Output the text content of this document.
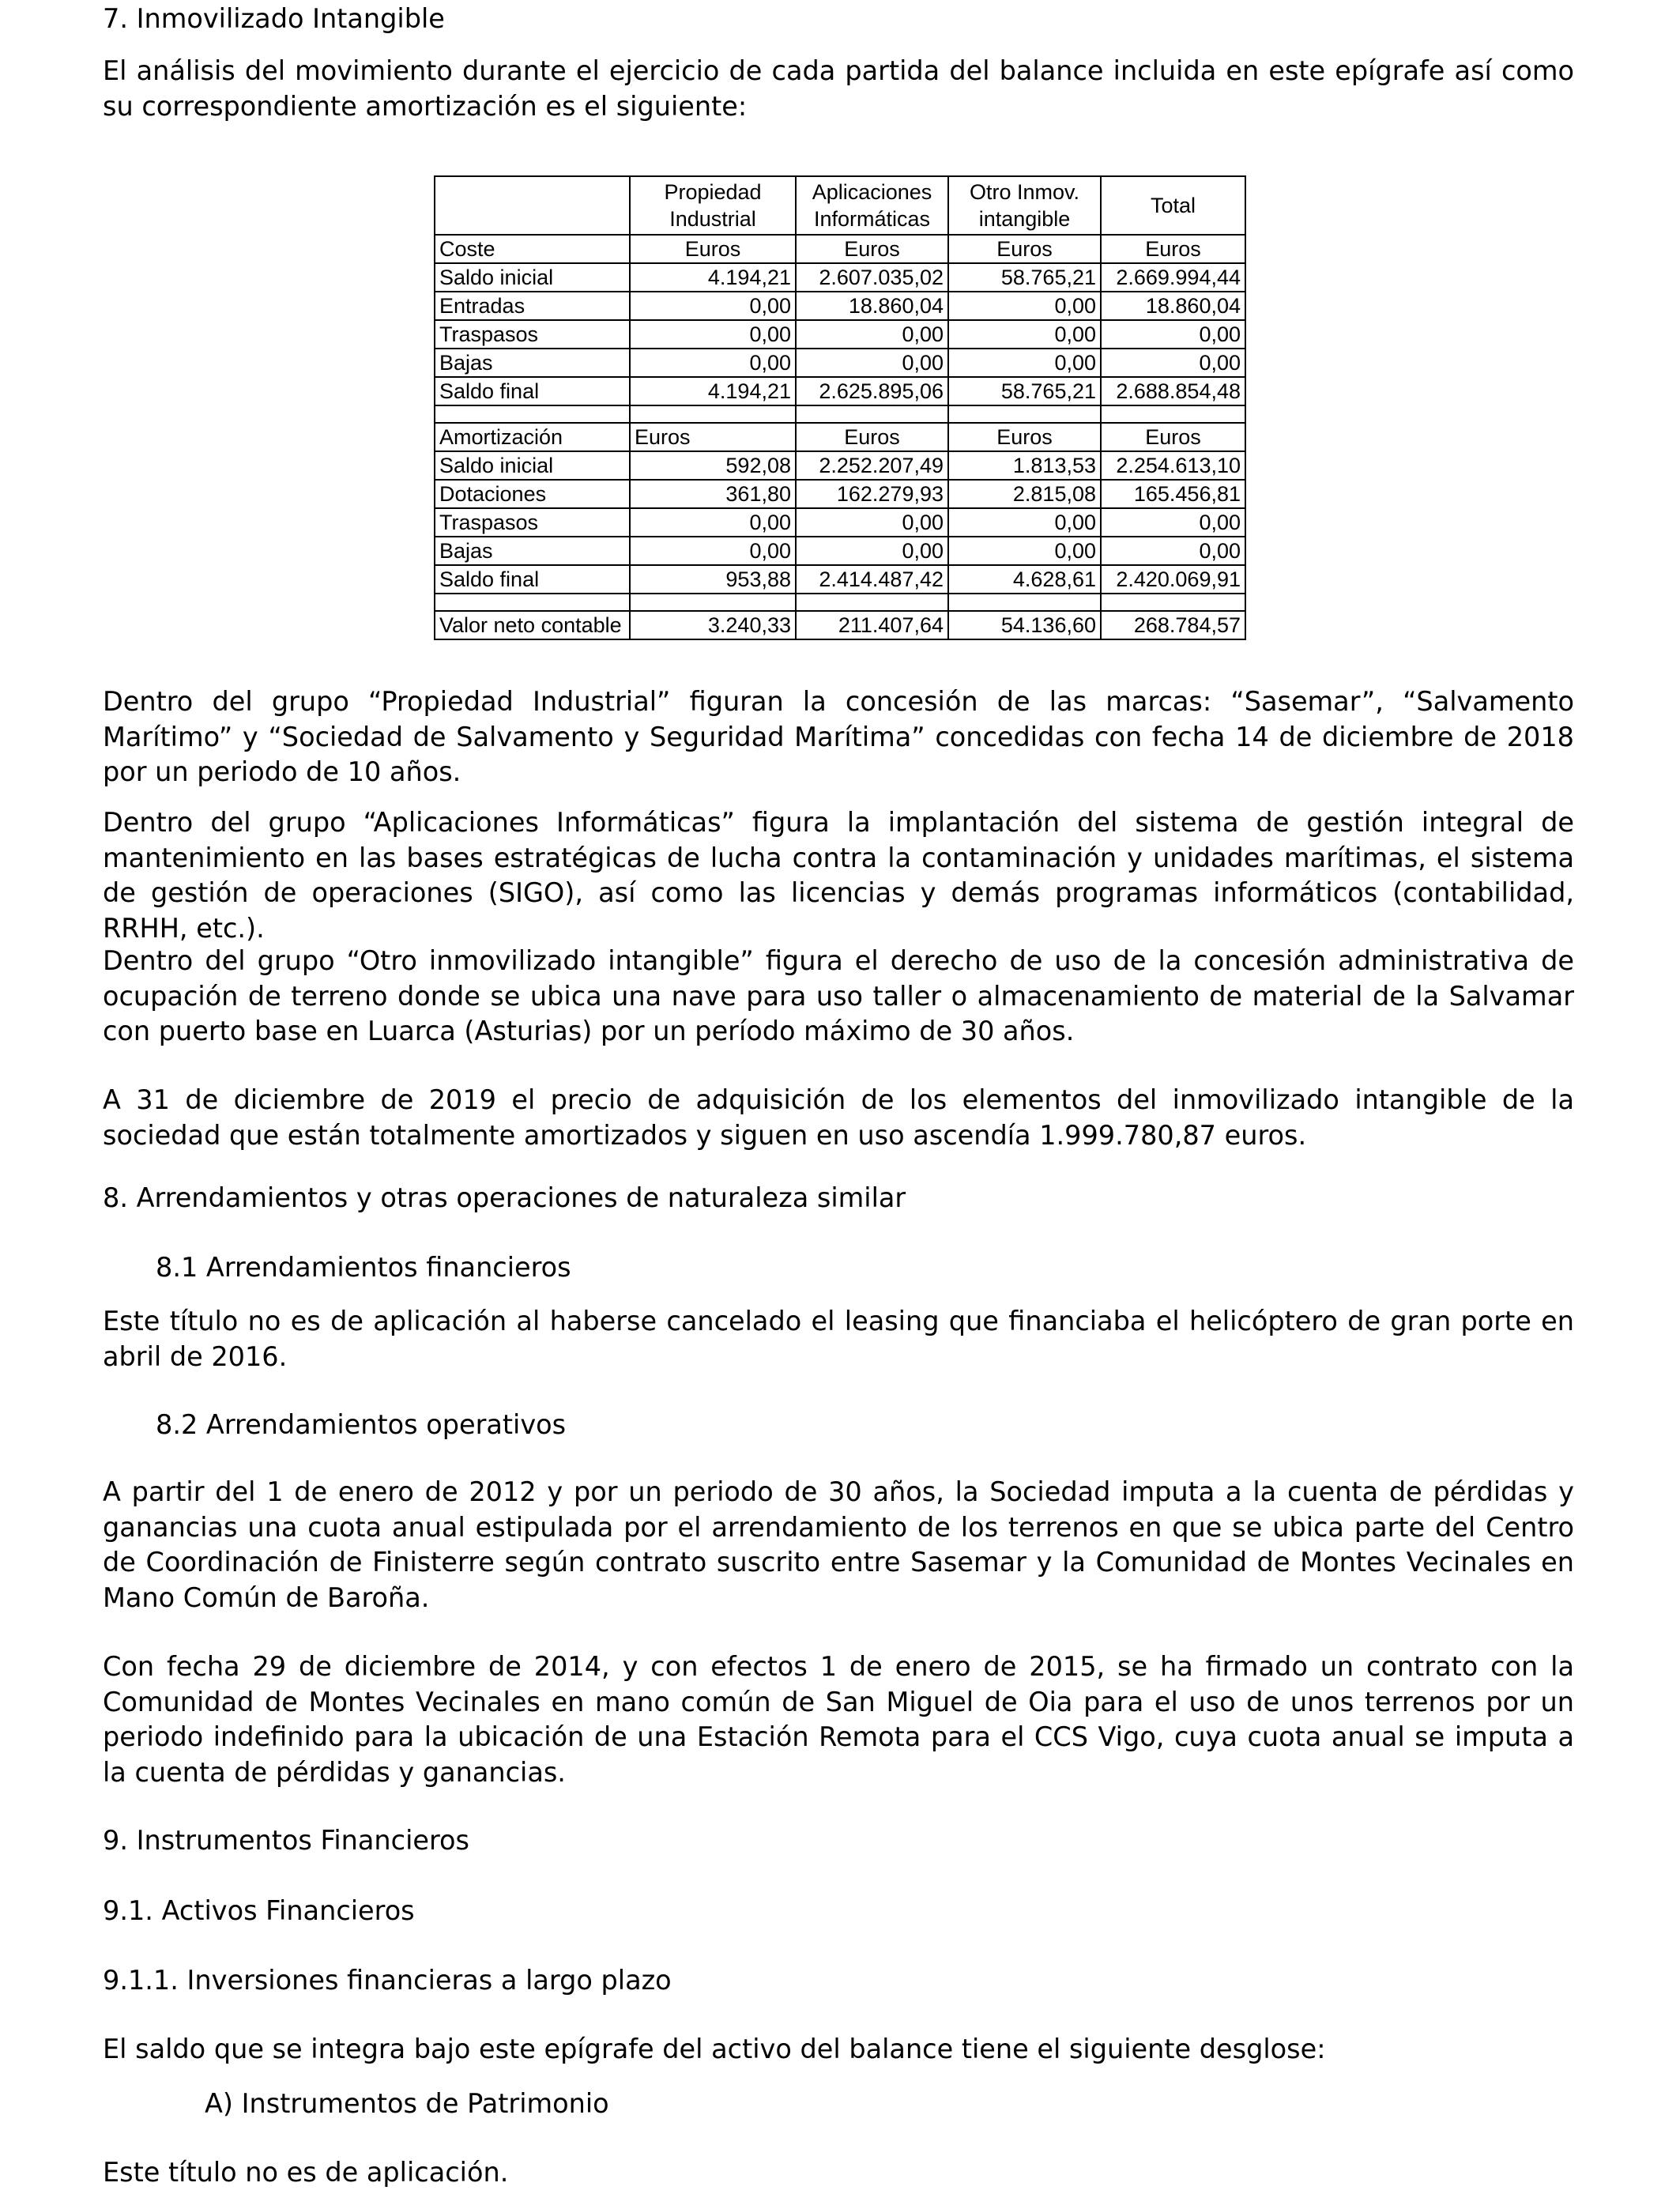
7. Inmovilizado Intangible

El análisis del movimiento durante el ejercicio de cada partida del balance incluida en este epígrafe así como su correspondiente amortización es el siguiente:

	Propiedad Industrial	Aplicaciones Informáticas	Otro Inmov. intangible	Total
Coste	Euros	Euros	Euros	Euros
Saldo inicial	4.194,21	2.607.035,02	58.765,21	2.669.994,44
Entradas	0,00	18.860,04	0,00	18.860,04
Traspasos	0,00	0,00	0,00	0,00
Bajas	0,00	0,00	0,00	0,00
Saldo final	4.194,21	2.625.895,06	58.765,21	2.688.854,48

Amortización	Euros	Euros	Euros	Euros
Saldo inicial	592,08	2.252.207,49	1.813,53	2.254.613,10
Dotaciones	361,80	162.279,93	2.815,08	165.456,81
Traspasos	0,00	0,00	0,00	0,00
Bajas	0,00	0,00	0,00	0,00
Saldo final	953,88	2.414.487,42	4.628,61	2.420.069,91

Valor neto contable	3.240,33	211.407,64	54.136,60	268.784,57

Dentro del grupo “Propiedad Industrial” figuran la concesión de las marcas: “Sasemar”, “Salvamento Marítimo” y “Sociedad de Salvamento y Seguridad Marítima” concedidas con fecha 14 de diciembre de 2018 por un periodo de 10 años.

Dentro del grupo “Aplicaciones Informáticas” figura la implantación del sistema de gestión integral de mantenimiento en las bases estratégicas de lucha contra la contaminación y unidades marítimas, el sistema de gestión de operaciones (SIGO), así como las licencias y demás programas informáticos (contabilidad, RRHH, etc.).

Dentro del grupo “Otro inmovilizado intangible” figura el derecho de uso de la concesión administrativa de ocupación de terreno donde se ubica una nave para uso taller o almacenamiento de material de la Salvamar con puerto base en Luarca (Asturias) por un período máximo de 30 años.

A 31 de diciembre de 2019 el precio de adquisición de los elementos del inmovilizado intangible de la sociedad que están totalmente amortizados y siguen en uso ascendía 1.999.780,87 euros.

8. Arrendamientos y otras operaciones de naturaleza similar

8.1 Arrendamientos financieros

Este título no es de aplicación al haberse cancelado el leasing que financiaba el helicóptero de gran porte en abril de 2016.

8.2 Arrendamientos operativos

A partir del 1 de enero de 2012 y por un periodo de 30 años, la Sociedad imputa a la cuenta de pérdidas y ganancias una cuota anual estipulada por el arrendamiento de los terrenos en que se ubica parte del Centro de Coordinación de Finisterre según contrato suscrito entre Sasemar y la Comunidad de Montes Vecinales en Mano Común de Baroña.

Con fecha 29 de diciembre de 2014, y con efectos 1 de enero de 2015, se ha firmado un contrato con la Comunidad de Montes Vecinales en mano común de San Miguel de Oia para el uso de unos terrenos por un periodo indefinido para la ubicación de una Estación Remota para el CCS Vigo, cuya cuota anual se imputa a la cuenta de pérdidas y ganancias.

9. Instrumentos Financieros

9.1. Activos Financieros

9.1.1. Inversiones financieras a largo plazo

El saldo que se integra bajo este epígrafe del activo del balance tiene el siguiente desglose:

A) Instrumentos de Patrimonio

Este título no es de aplicación.
